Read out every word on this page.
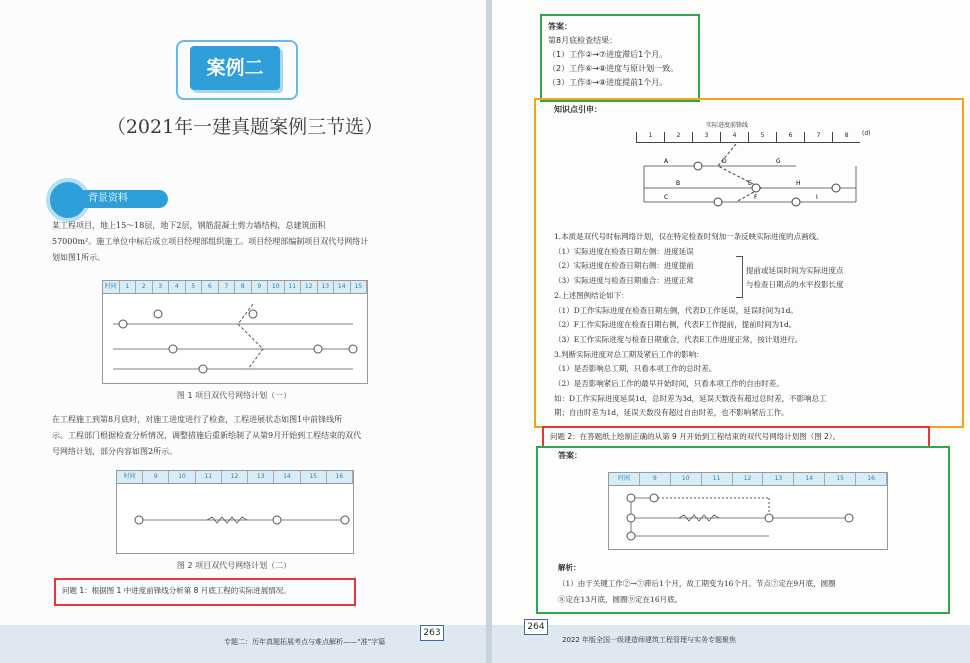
案例二
（2021年一建真题案例三节选）
背景资料
某工程项目，地上15～18层，地下2层，钢筋混凝土剪力墙结构，总建筑面积
57000m²。施工单位中标后成立项目经理部组织施工。项目经理部编制项目双代号网络计
划如图1所示。
时间	1	2	3	4	5	6	7	8	9	10	11	12	13	14	15
图 1 项目双代号网络计划（一）
在工程施工到第8月底时，对施工进度进行了检查，工程进展状态如图1中前锋线所
示。工程部门根据检查分析情况，调整措施后重新绘制了从第9月开始到工程结束的双代
号网络计划，部分内容如图2所示。
时间	9	10	11	12	13	14	15	16
图 2 项目双代号网络计划（二）
问题 1：根据图 1 中进度前锋线分析第 8 月底工程的实际进展情况。
专题二：历年真题拓展考点与难点解析——“准”字篇
263
答案：
第8月底检查结果：
（1）工作②→⑦进度滞后1个月。
（2）工作⑥→⑧进度与原计划一致。
（3）工作⑤→⑧进度提前1个月。
知识点引申：
实际进度前锋线
1	2	3	4	5	6	7	8	(d)
A
B
C
D
E
F
G
H
I
1.本质是双代号时标网络计划，仅在特定检查时刻加一条反映实际进度的点画线。
（1）实际进度在检查日期左侧：进度延误
（2）实际进度在检查日期右侧：进度提前
（3）实际进度与检查日期重合：进度正常
2.上述图例结论如下：
（1）D工作实际进度在检查日期左侧，代表D工作延误，延误时间为1d。
（2）F工作实际进度在检查日期右侧，代表F工作提前，提前时间为1d。
（3）E工作实际进度与检查日期重合，代表E工作进度正常，按计划进行。
3.判断实际进度对总工期及紧后工作的影响：
（1）是否影响总工期，只看本项工作的总时差。
（2）是否影响紧后工作的最早开始时间，只看本项工作的自由时差。
如：D工作实际进度延误1d，总时差为3d，延误天数没有超过总时差，不影响总工
期；自由时差为1d，延误天数没有超过自由时差，也不影响紧后工作。
提前或延误时间为实际进度点
与检查日期点的水平投影长度
问题 2：在答题纸上绘制正确的从第 9 月开始到工程结束的双代号网络计划图（图 2）。
答案：
时间	9	10	11	12	13	14	15	16
解析：
（1）由于关键工作②→⑦滞后1个月，故工期变为16个月。节点⑦定在9月底，圆圈
⑧定在13月底，圆圈⑨定在16月底。
264
2022 年版全国一级建造师建筑工程管理与实务专题聚焦
